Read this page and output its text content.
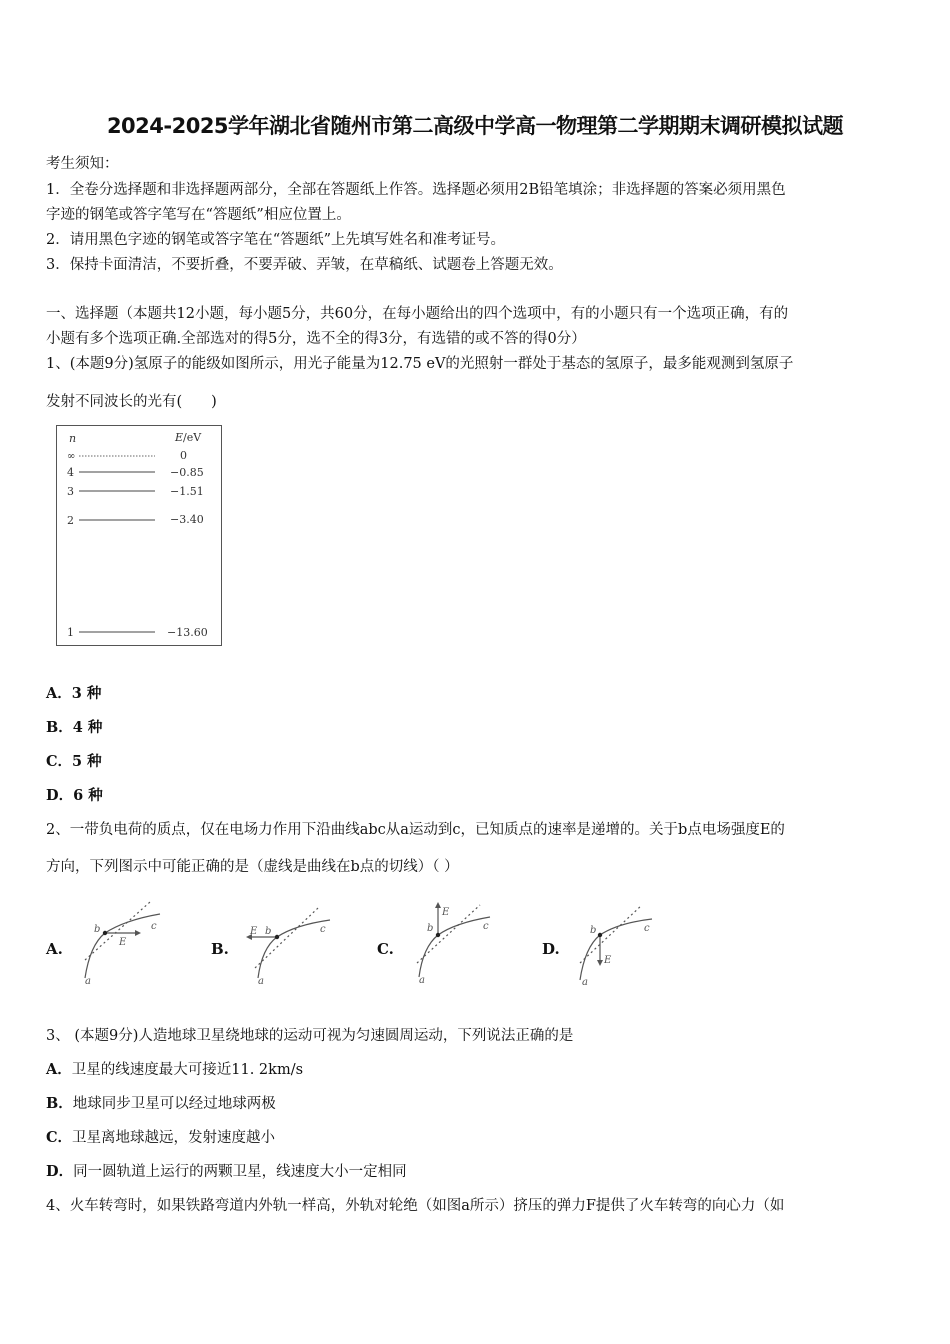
2024-2025学年湖北省随州市第二高级中学高一物理第二学期期末调研模拟试题
考生须知：
1．全卷分选择题和非选择题两部分，全部在答题纸上作答。选择题必须用2B铅笔填涂；非选择题的答案必须用黑色
字迹的钢笔或答字笔写在“答题纸”相应位置上。
2．请用黑色字迹的钢笔或答字笔在“答题纸”上先填写姓名和准考证号。
3．保持卡面清洁，不要折叠，不要弄破、弄皱，在草稿纸、试题卷上答题无效。
一、选择题（本题共12小题，每小题5分，共60分，在每小题给出的四个选项中，有的小题只有一个选项正确，有的
小题有多个选项正确.全部选对的得5分，选不全的得3分，有选错的或不答的得0分）
1、(本题9分)氢原子的能级如图所示，用光子能量为12.75 eV的光照射一群处于基态的氢原子，最多能观测到氢原子
发射不同波长的光有(　　)
n	E/eV
∞	0
4	−0.85
3	−1.51
2	−3.40
1	−13.60
A．3 种
B．4 种
C．5 种
D．6 种
2、一带负电荷的质点，仅在电场力作用下沿曲线abc从a运动到c，已知质点的速率是递增的。关于b点电场强度E的
方向，下列图示中可能正确的是（虚线是曲线在b点的切线）（ ）
A.
b	c
E
a
B.
b	c
E
a
C.
b	c
E
a
D.
b	c
E
a
3、 (本题9分)人造地球卫星绕地球的运动可视为匀速圆周运动，下列说法正确的是
A．卫星的线速度最大可接近11. 2km/s
B．地球同步卫星可以经过地球两极
C．卫星离地球越远，发射速度越小
D．同一圆轨道上运行的两颗卫星，线速度大小一定相同
4、火车转弯时，如果铁路弯道内外轨一样高，外轨对轮绝（如图a所示）挤压的弹力F提供了火车转弯的向心力（如
